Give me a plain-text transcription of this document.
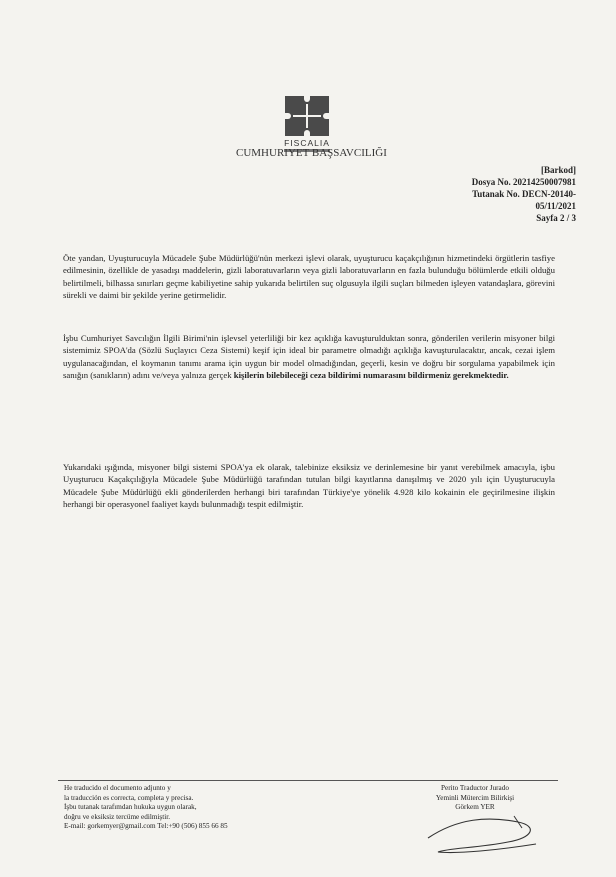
FISCALIA
CUMHURIYET BAŞSAVCILIĞI
[Barkod]
Dosya No. 20214250007981
Tutanak No. DECN-20140-
05/11/2021
Sayfa 2 / 3

Öte yandan, Uyuşturucuyla Mücadele Şube Müdürlüğü'nün merkezi işlevi olarak, uyuşturucu kaçakçılığının hizmetindeki örgütlerin tasfiye edilmesinin, özellikle de yasadışı maddelerin, gizli laboratuvarların veya gizli laboratuvarların en fazla bulunduğu bölümlerde etkili olduğu belirtilmeli, bilhassa sınırları geçme kabiliyetine sahip yukarıda belirtilen suç olgusuyla ilgili suçları bilmeden işleyen vatandaşlara, görevini sürekli ve daimi bir şekilde yerine getirmelidir.

İşbu Cumhuriyet Savcılığın İlgili Birimi'nin işlevsel yeterliliği bir kez açıklığa kavuşturulduktan sonra, gönderilen verilerin misyoner bilgi sistemimiz SPOA'da (Sözlü Suçlayıcı Ceza Sistemi) keşif için ideal bir parametre olmadığı açıklığa kavuşturulacaktır, ancak, cezai işlem uygulanacağından, el koymanın tanımı arama için uygun bir model olmadığından, geçerli, kesin ve doğru bir sorgulama yapabilmek için sanığın (sanıkların) adını ve/veya yalnıza gerçek kişilerin bilebileceği ceza bildirimi numarasını bildirmeniz gerekmektedir.

Yukarıdaki ışığında, misyoner bilgi sistemi SPOA'ya ek olarak, talebinize eksiksiz ve derinlemesine bir yanıt verebilmek amacıyla, işbu Uyuşturucu Kaçakçılığıyla Mücadele Şube Müdürlüğü tarafından tutulan bilgi kayıtlarına danışılmış ve 2020 yılı için Uyuşturucuyla Mücadele Şube Müdürlüğü ekli gönderilerden herhangi biri tarafından Türkiye'ye yönelik 4.928 kilo kokainin ele geçirilmesine ilişkin herhangi bir operasyonel faaliyet kaydı bulunmadığı tespit edilmiştir.

He traducido el documento adjunto y
la traducción es correcta, completa y precisa.
İşbu tutanak tarafımdan hukuka uygun olarak,
doğru ve eksiksiz tercüme edilmiştir.
E-mail: gorkemyer@gmail.com Tel:+90 (506) 855 66 85
Perito Traductor Jurado
Yeminli Mütercim Bilirkişi
Görkem YER
